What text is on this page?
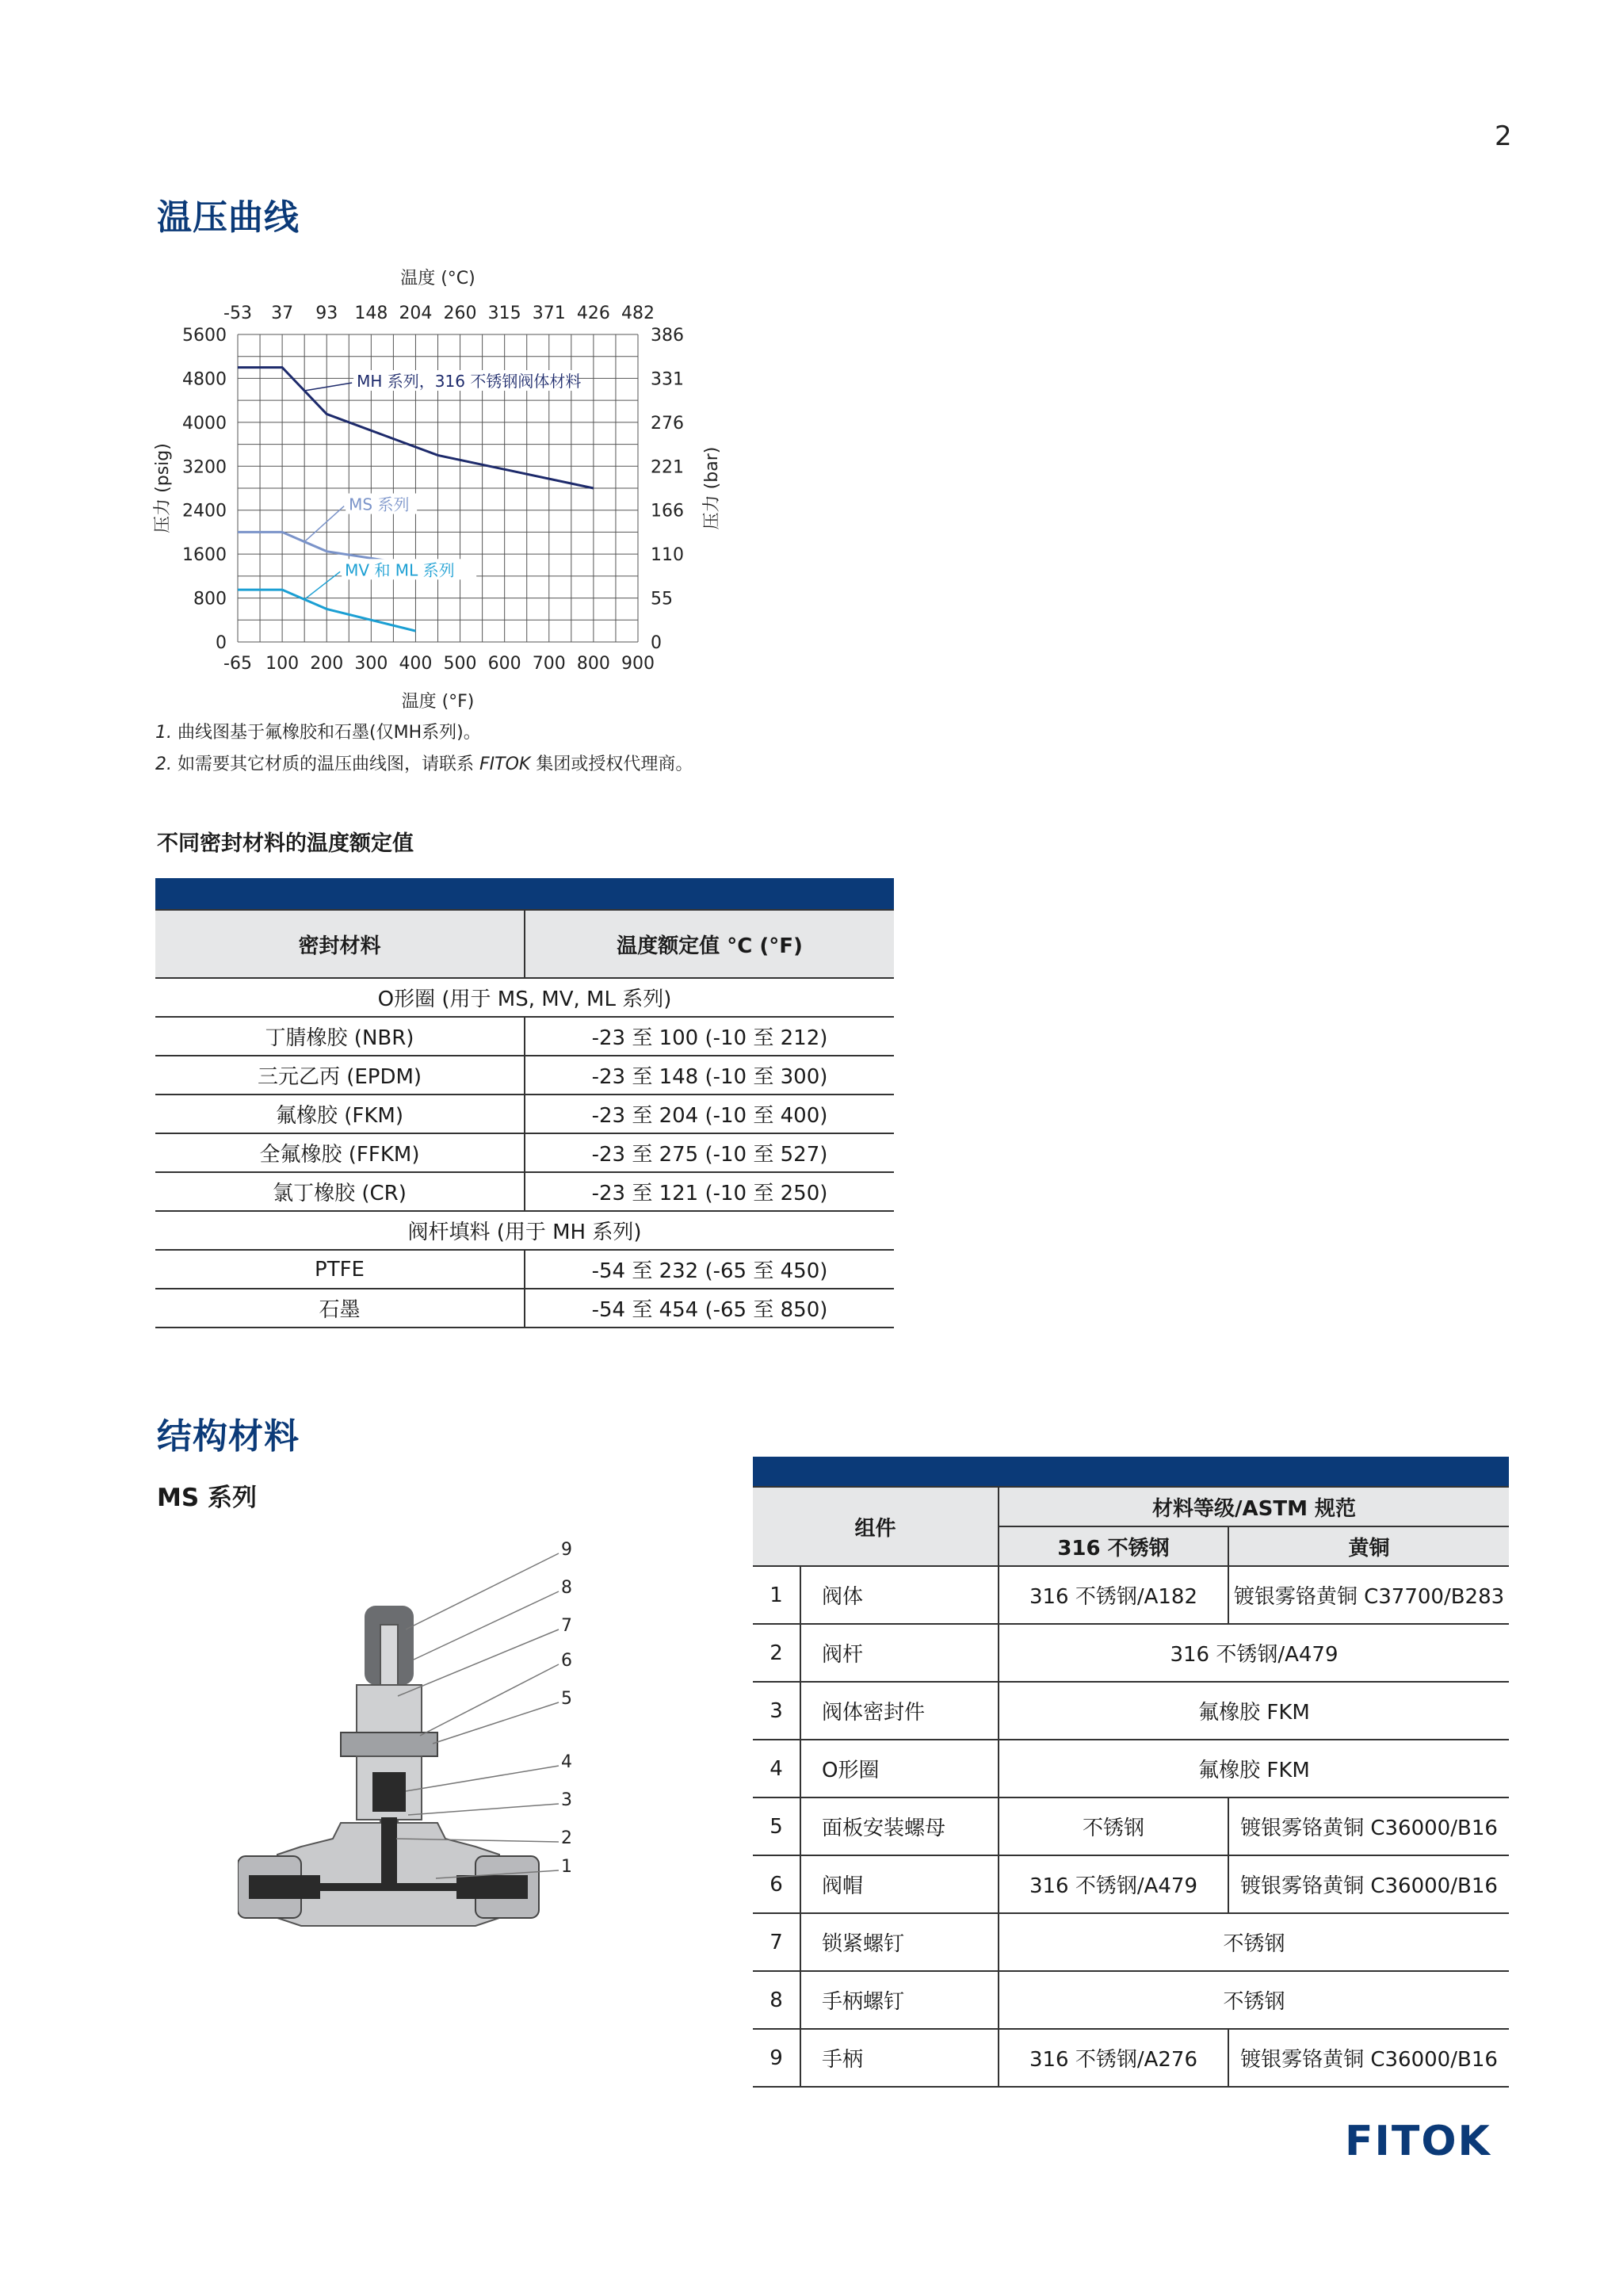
2
温压曲线
-65 100 200 300 400 500 600 700 800 900
-53 37 93 148 204 260 315 371 426 482
5600
4800
4000
3200
2400
1600
800
0
386
331
276
221
166
110
55
0
温度 (°C)
温度 (°F)
压力 (psig)	压力 (bar)
MH 系列，316 不锈钢阀体材料
MS 系列
MV 和 ML 系列
1. 曲线图基于氟橡胶和石墨(仅MH系列)。
2. 如需要其它材质的温压曲线图，请联系 FITOK 集团或授权代理商。
不同密封材料的温度额定值

密封材料	温度额定值 °C (°F)
O形圈 (用于 MS, MV, ML 系列)	
丁腈橡胶 (NBR)	-23 至 100 (-10 至 212)
三元乙丙 (EPDM)	-23 至 148 (-10 至 300)
氟橡胶 (FKM)	-23 至 204 (-10 至 400)
全氟橡胶 (FFKM)	-23 至 275 (-10 至 527)
氯丁橡胶 (CR)	-23 至 121 (-10 至 250)
阀杆填料 (用于 MH 系列)	
PTFE	-54 至 232 (-65 至 450)
石墨	-54 至 454 (-65 至 850)
结构材料
MS 系列
9
8
7
6
5
4
3
2
1

组件		材料等级/ASTM 规范	
		316 不锈钢	黄铜
1	阀体	316 不锈钢/A182	镀银雾铬黄铜 C37700/B283
2	阀杆	316 不锈钢/A479	
3	阀体密封件	氟橡胶 FKM	
4	O形圈	氟橡胶 FKM	
5	面板安装螺母	不锈钢	镀银雾铬黄铜 C36000/B16
6	阀帽	316 不锈钢/A479	镀银雾铬黄铜 C36000/B16
7	锁紧螺钉	不锈钢	
8	手柄螺钉	不锈钢	
9	手柄	316 不锈钢/A276	镀银雾铬黄铜 C36000/B16
FITOK
